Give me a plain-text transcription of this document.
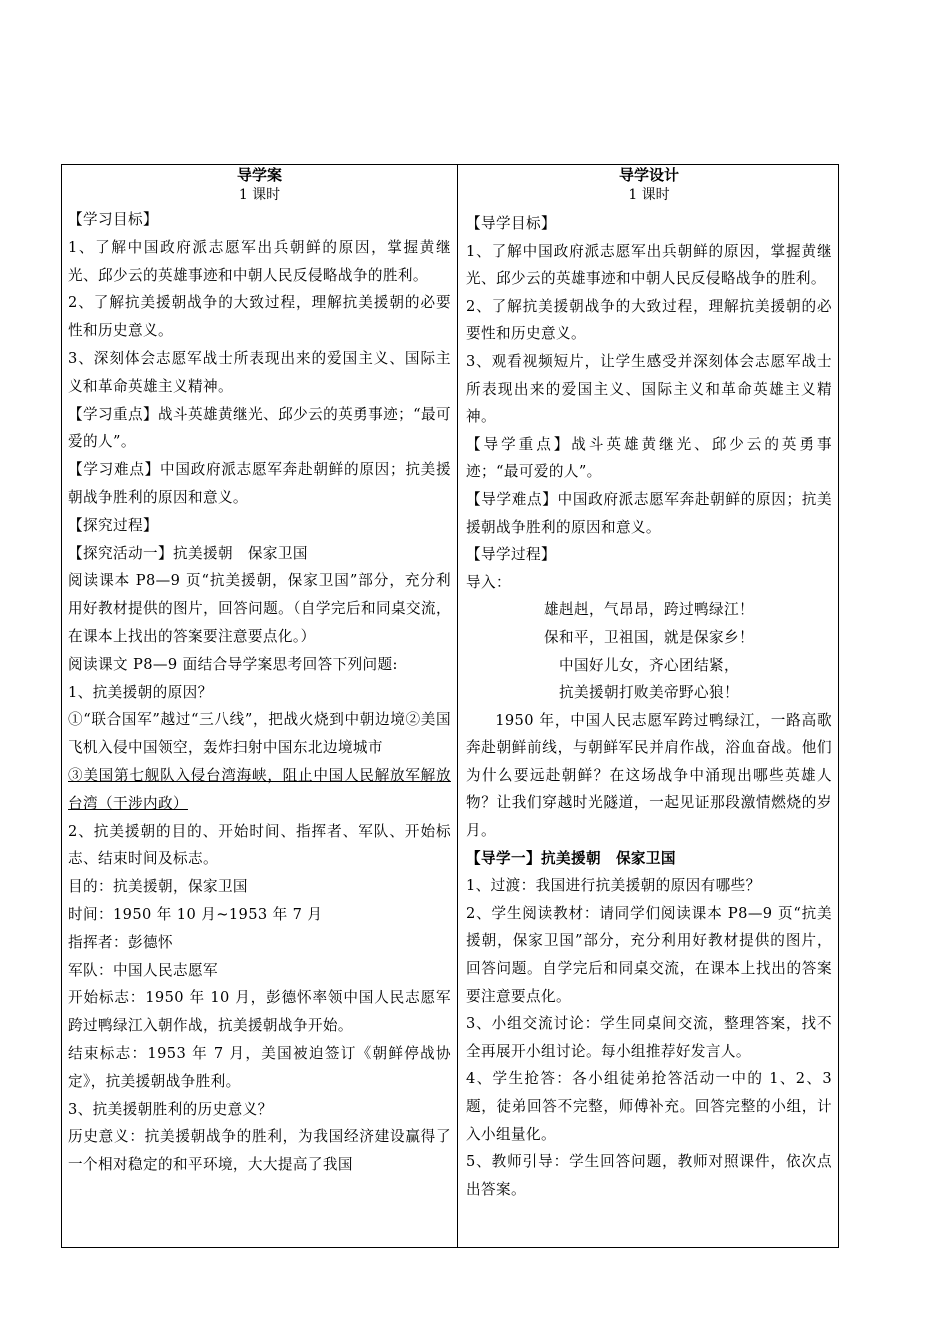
导学案
1 课时

【学习目标】

1、了解中国政府派志愿军出兵朝鲜的原因，掌握黄继光、邱少云的英雄事迹和中朝人民反侵略战争的胜利。

2、了解抗美援朝战争的大致过程，理解抗美援朝的必要性和历史意义。

3、深刻体会志愿军战士所表现出来的爱国主义、国际主义和革命英雄主义精神。

【学习重点】战斗英雄黄继光、邱少云的英勇事迹；“最可爱的人”。

【学习难点】中国政府派志愿军奔赴朝鲜的原因；抗美援朝战争胜利的原因和意义。

【探究过程】

【探究活动一】抗美援朝　保家卫国

阅读课本 P8—9 页“抗美援朝，保家卫国”部分，充分利用好教材提供的图片，回答问题。（自学完后和同桌交流，在课本上找出的答案要注意要点化。）

阅读课文 P8—9 面结合导学案思考回答下列问题:

1、抗美援朝的原因？

①“联合国军”越过“三八线”，把战火烧到中朝边境②美国飞机入侵中国领空，轰炸扫射中国东北边境城市

③美国第七舰队入侵台湾海峡，阻止中国人民解放军解放台湾（干涉内政）

2、抗美援朝的目的、开始时间、指挥者、军队、开始标志、结束时间及标志。

目的：抗美援朝，保家卫国

时间：1950 年 10 月~1953 年 7 月

指挥者：彭德怀

军队：中国人民志愿军

开始标志：1950 年 10 月，彭德怀率领中国人民志愿军跨过鸭绿江入朝作战，抗美援朝战争开始。

结束标志：1953 年 7 月，美国被迫签订《朝鲜停战协定》，抗美援朝战争胜利。

3、抗美援朝胜利的历史意义？

历史意义：抗美援朝战争的胜利，为我国经济建设赢得了一个相对稳定的和平环境，大大提高了我国

导学设计
1 课时

【导学目标】

1、了解中国政府派志愿军出兵朝鲜的原因，掌握黄继光、邱少云的英雄事迹和中朝人民反侵略战争的胜利。

2、了解抗美援朝战争的大致过程，理解抗美援朝的必要性和历史意义。

3、观看视频短片，让学生感受并深刻体会志愿军战士所表现出来的爱国主义、国际主义和革命英雄主义精神。

【导学重点】战斗英雄黄继光、邱少云的英勇事迹；“最可爱的人”。

【导学难点】中国政府派志愿军奔赴朝鲜的原因；抗美援朝战争胜利的原因和意义。

【导学过程】

导入：

雄赳赳，气昂昂，跨过鸭绿江！

保和平，卫祖国，就是保家乡！

中国好儿女，齐心团结紧，

抗美援朝打败美帝野心狼！

1950 年，中国人民志愿军跨过鸭绿江，一路高歌奔赴朝鲜前线，与朝鲜军民并肩作战，浴血奋战。他们为什么要远赴朝鲜？在这场战争中涌现出哪些英雄人物？让我们穿越时光隧道，一起见证那段激情燃烧的岁月。

【导学一】抗美援朝　保家卫国

1、过渡：我国进行抗美援朝的原因有哪些？

2、学生阅读教材：请同学们阅读课本 P8—9 页“抗美援朝，保家卫国”部分，充分利用好教材提供的图片，回答问题。自学完后和同桌交流，在课本上找出的答案要注意要点化。

3、小组交流讨论：学生同桌间交流，整理答案，找不全再展开小组讨论。每小组推荐好发言人。

4、学生抢答：各小组徒弟抢答活动一中的 1、2、3 题，徒弟回答不完整，师傅补充。回答完整的小组，计入小组量化。

5、教师引导：学生回答问题，教师对照课件，依次点出答案。
